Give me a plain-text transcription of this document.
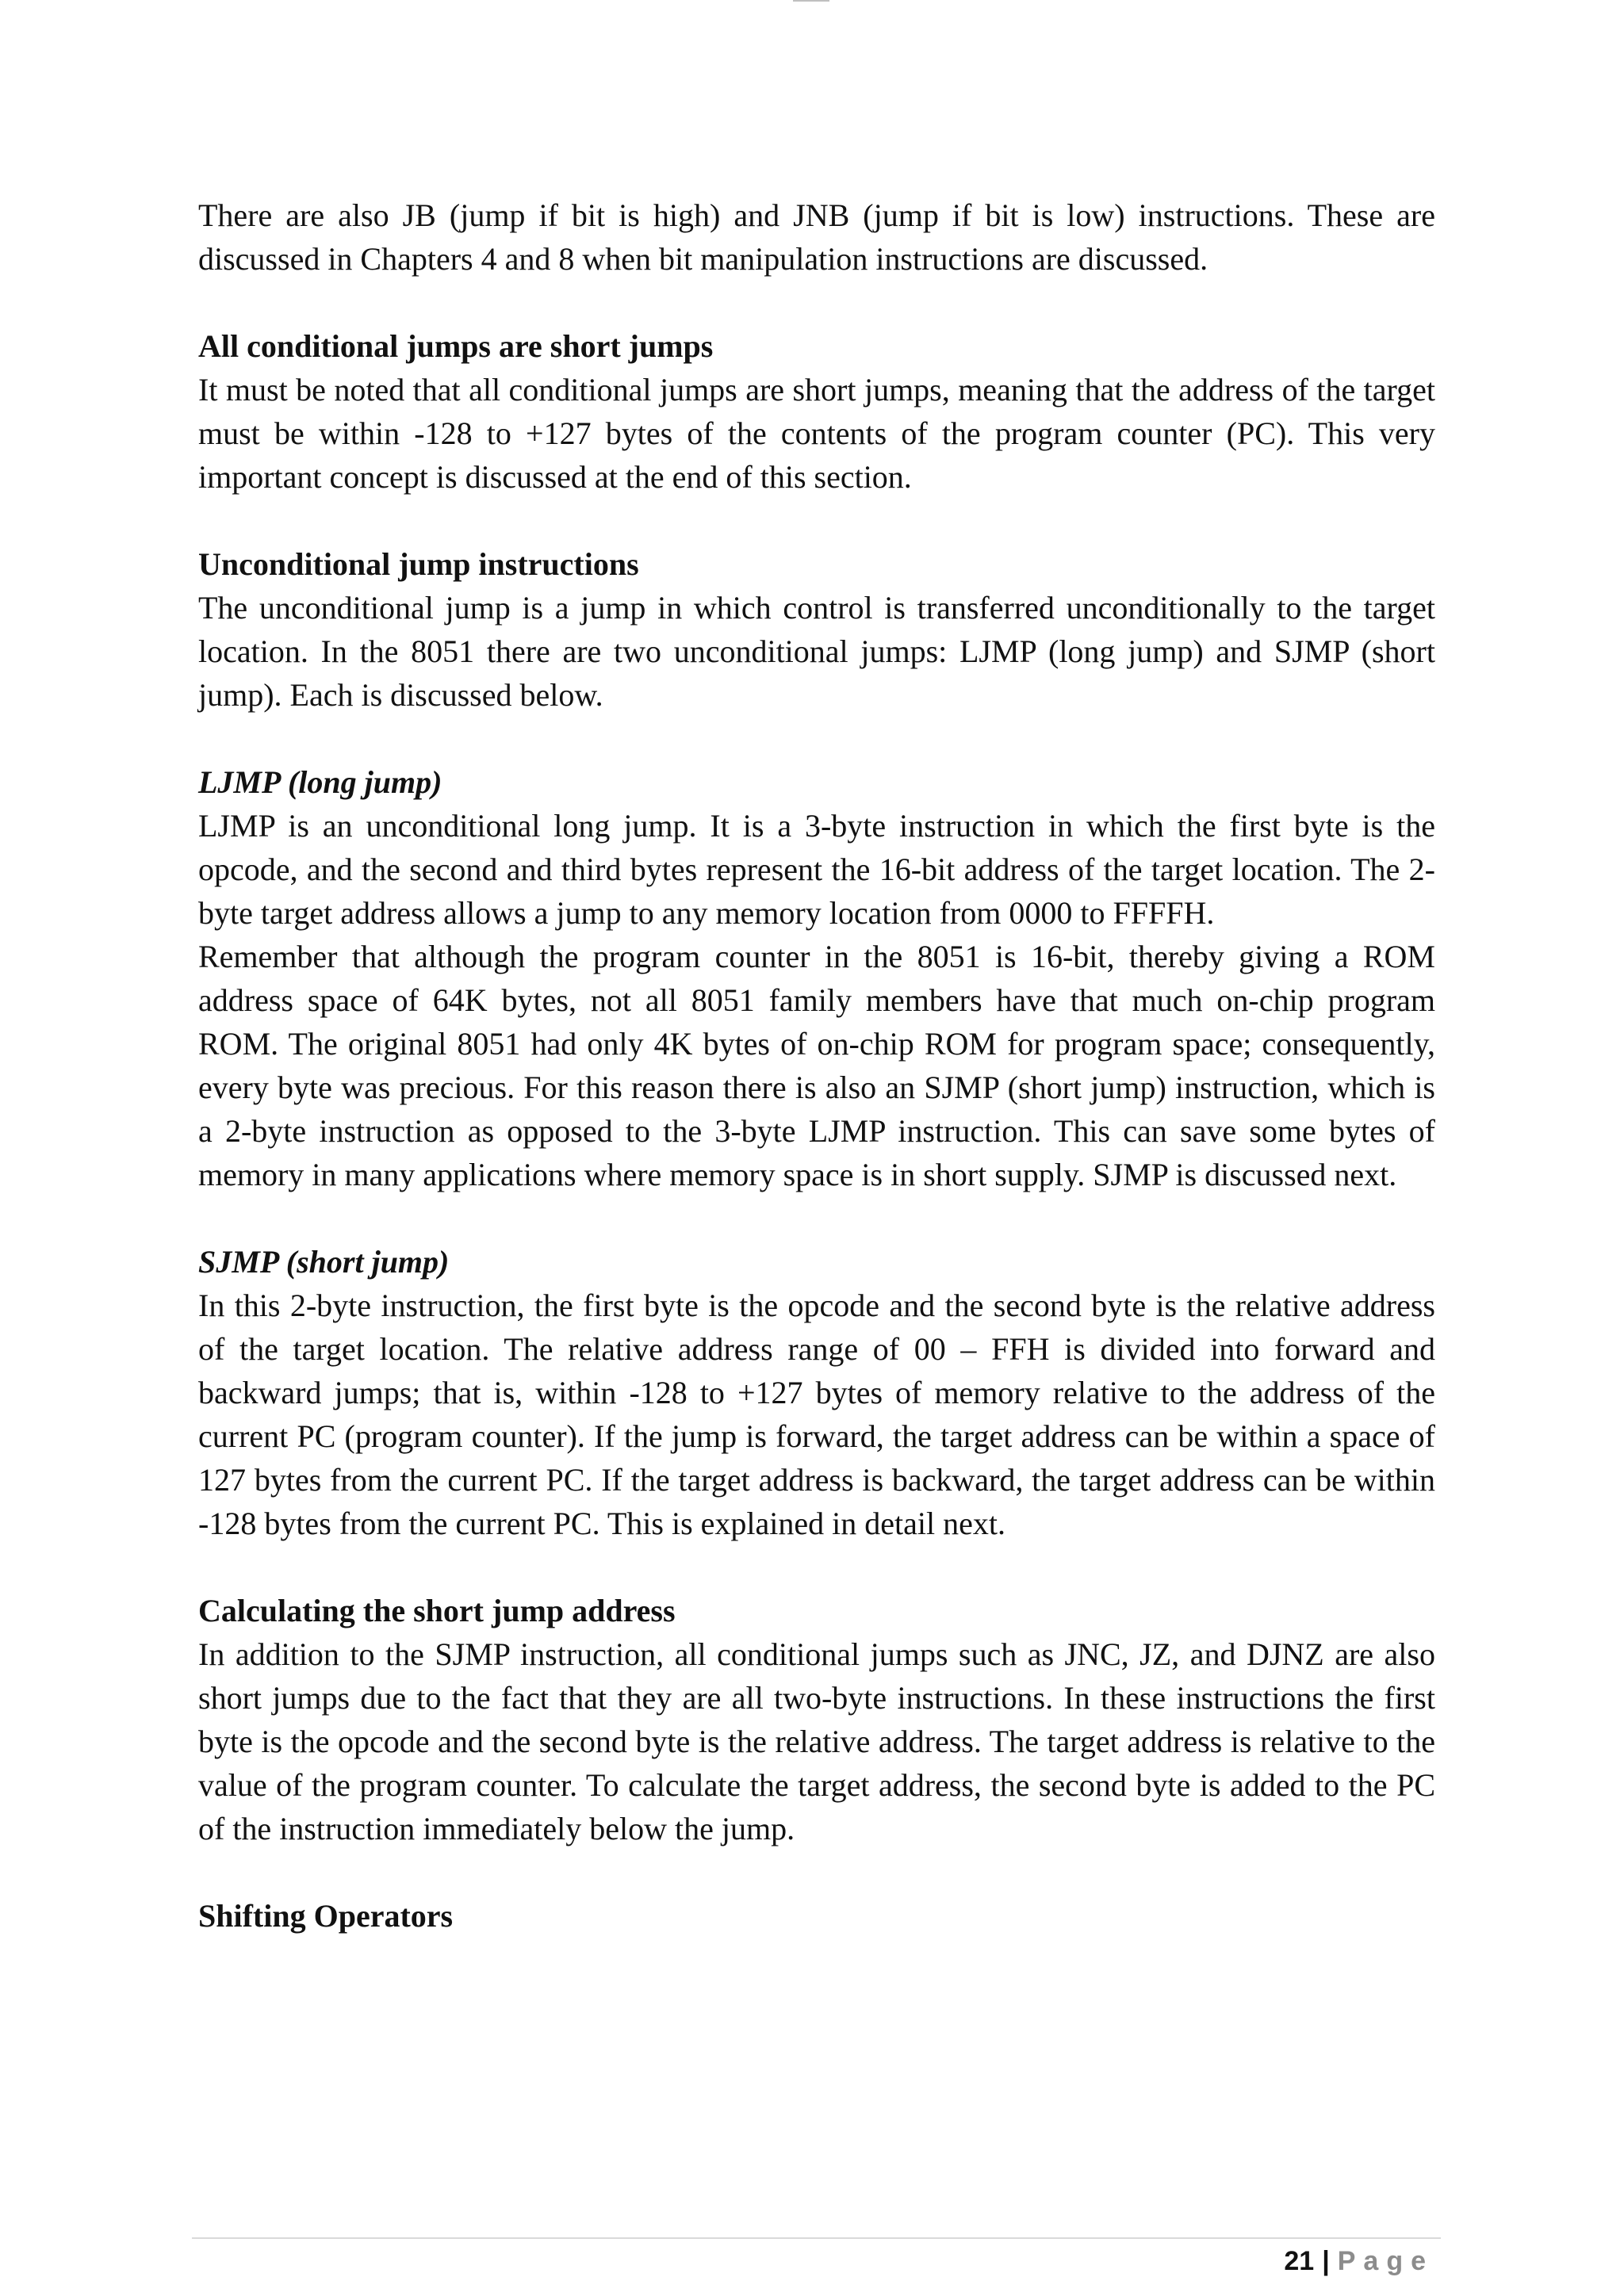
There are also JB (jump if bit is high) and JNB (jump if bit is low) instructions. These are discussed in Chapters 4 and 8 when bit manipulation instructions are discussed.

All conditional jumps are short jumps

It must be noted that all conditional jumps are short jumps, meaning that the address of the target must be within -128 to +127 bytes of the contents of the program counter (PC). This very important concept is discussed at the end of this section.

Unconditional jump instructions

The unconditional jump is a jump in which control is transferred unconditionally to the target location. In the 8051 there are two unconditional jumps: LJMP (long jump) and SJMP (short jump). Each is discussed below.

LJMP (long jump)

LJMP is an unconditional long jump. It is a 3-byte instruction in which the first byte is the opcode, and the second and third bytes represent the 16-bit address of the target location. The 2-byte target address allows a jump to any memory location from 0000 to FFFFH.

Remember that although the program counter in the 8051 is 16-bit, thereby giving a ROM address space of 64K bytes, not all 8051 family members have that much on-chip program ROM. The original 8051 had only 4K bytes of on-chip ROM for program space; consequently, every byte was precious. For this reason there is also an SJMP (short jump) instruction, which is a 2-byte instruction as opposed to the 3-byte LJMP instruction. This can save some bytes of memory in many applications where memory space is in short supply. SJMP is discussed next.

SJMP (short jump)

In this 2-byte instruction, the first byte is the opcode and the second byte is the relative address of the target location. The relative address range of 00 – FFH is divided into forward and backward jumps; that is, within -128 to +127 bytes of memory relative to the address of the current PC (program counter). If the jump is forward, the target address can be within a space of 127 bytes from the current PC. If the target address is backward, the target address can be within -128 bytes from the current PC. This is explained in detail next.

Calculating the short jump address

In addition to the SJMP instruction, all conditional jumps such as JNC, JZ, and DJNZ are also short jumps due to the fact that they are all two-byte instructions. In these instructions the first byte is the opcode and the second byte is the relative address. The target address is relative to the value of the program counter. To calculate the target address, the second byte is added to the PC of the instruction immediately below the jump.

Shifting Operators

21 | Page
